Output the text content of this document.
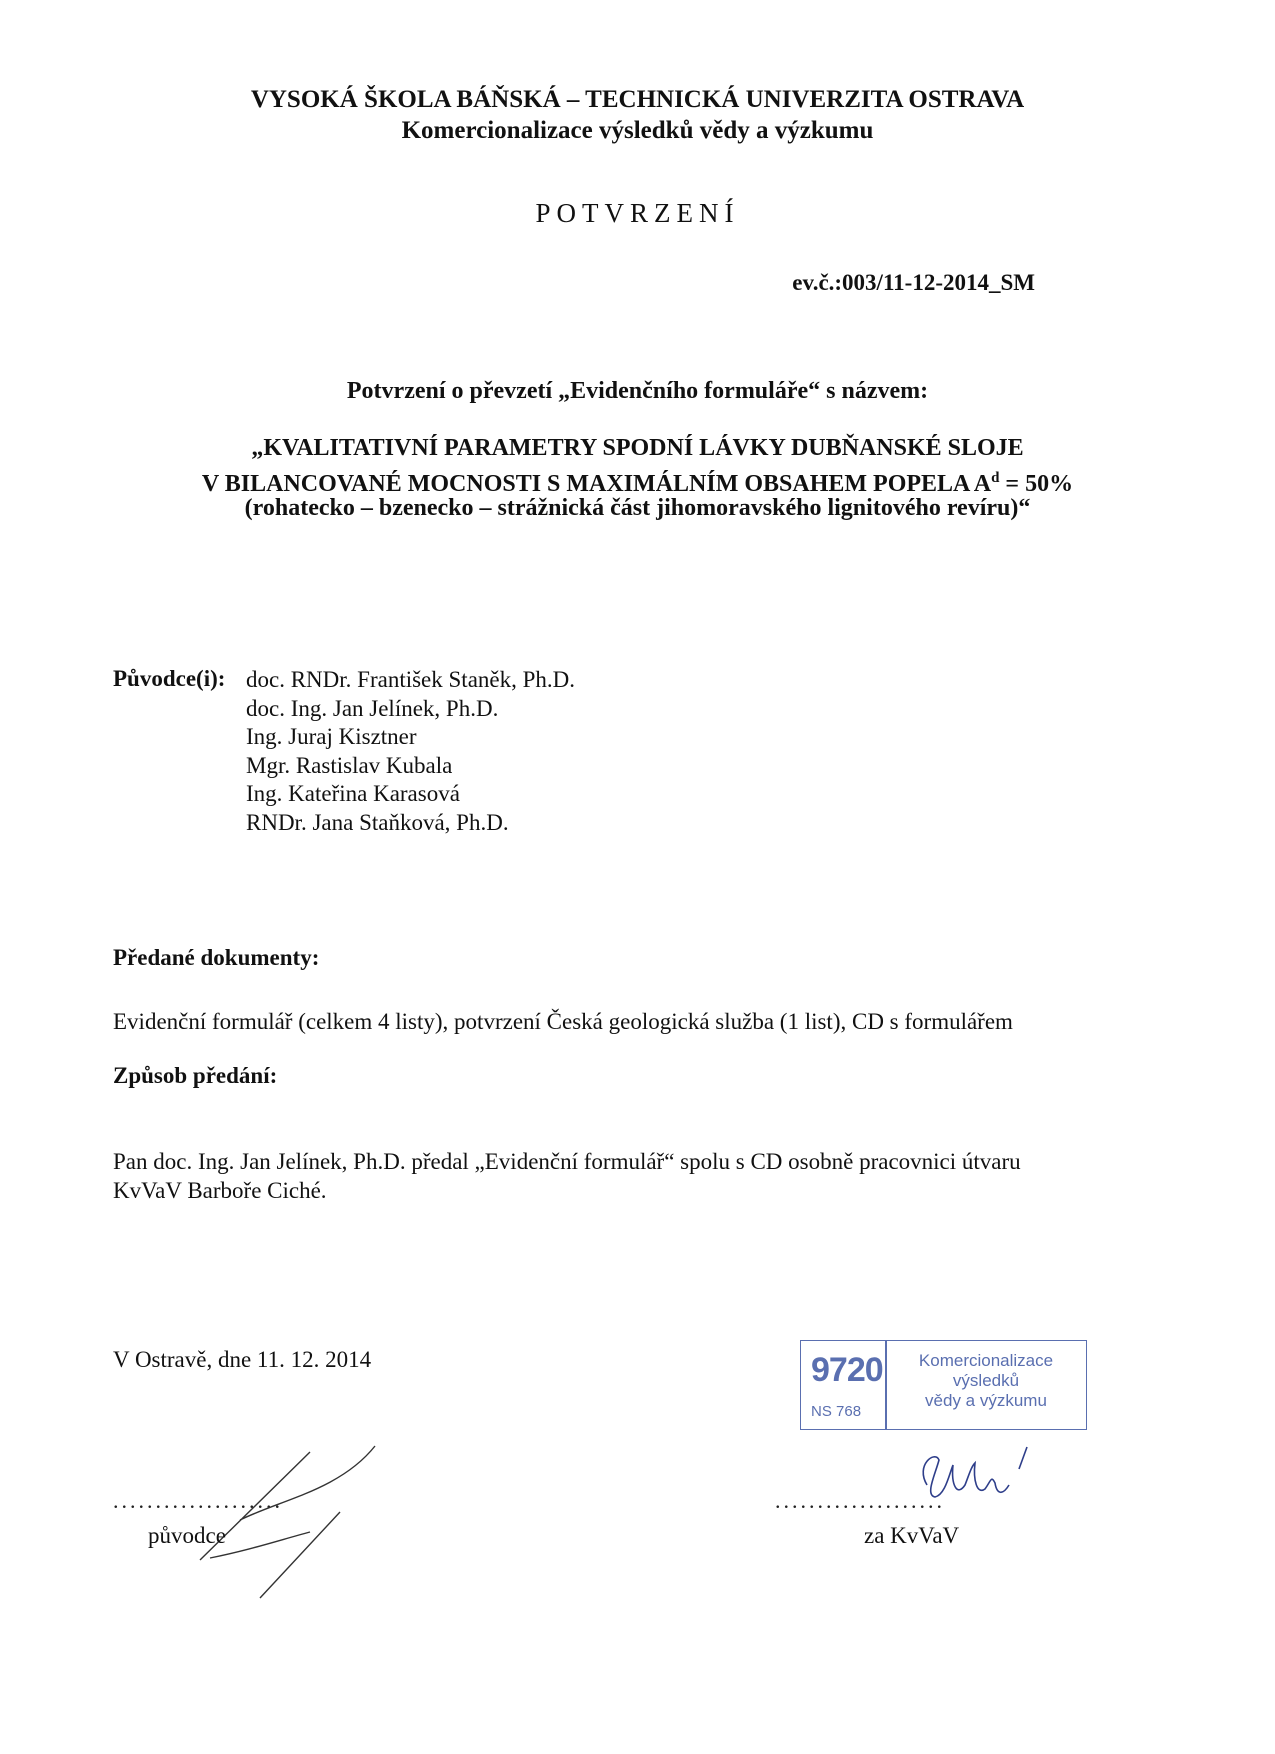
VYSOKÁ ŠKOLA BÁŇSKÁ – TECHNICKÁ UNIVERZITA OSTRAVA
Komercionalizace výsledků vědy a výzkumu
POTVRZENÍ
ev.č.:003/11-12-2014_SM
Potvrzení o převzetí „Evidenčního formuláře“ s názvem:
„KVALITATIVNÍ PARAMETRY SPODNÍ LÁVKY DUBŇANSKÉ SLOJE
V BILANCOVANÉ MOCNOSTI S MAXIMÁLNÍM OBSAHEM POPELA $A^d = 50\%$
(rohatecko – bzenecko – strážnická část jihomoravského lignitového revíru)“
Původce(i): doc. RNDr. František Staněk, Ph.D.
doc. Ing. Jan Jelínek, Ph.D.
Ing. Juraj Kisztner
Mgr. Rastislav Kubala
Ing. Kateřina Karasová
RNDr. Jana Staňková, Ph.D.
Předané dokumenty:
Evidenční formulář (celkem 4 listy), potvrzení Česká geologická služba (1 list), CD s formulářem
Způsob předání:
Pan doc. Ing. Jan Jelínek, Ph.D. předal „Evidenční formulář“ spolu s CD osobně pracovnici útvaru
KvVaV Barboře Ciché.
V Ostravě, dne 11. 12. 2014	9720
NS 768
Komercionalizace
výsledků
vědy a výzkumu
....................	....................
původce	za KvVaV
